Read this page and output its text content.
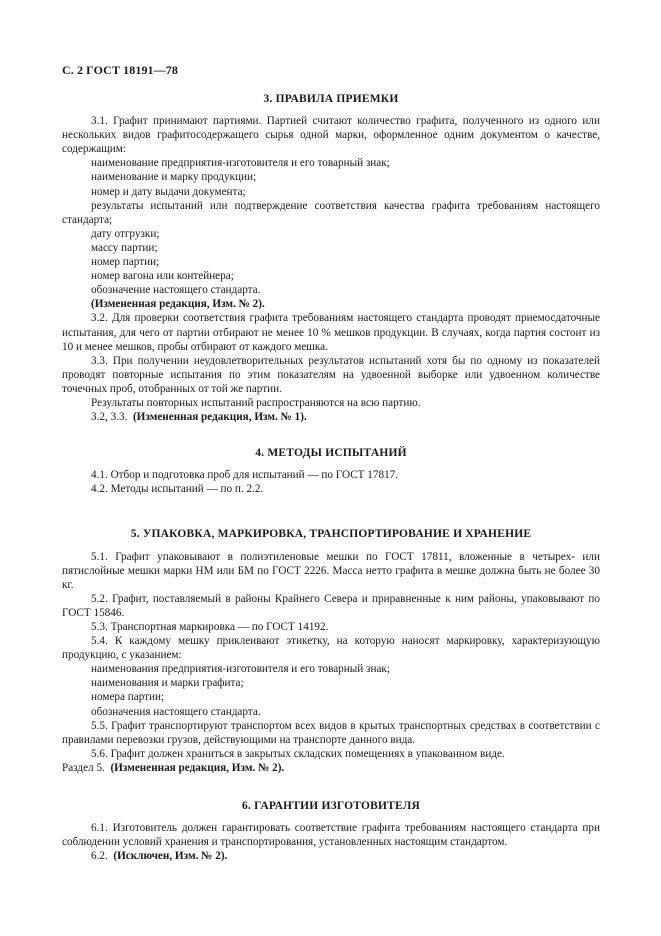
С. 2 ГОСТ 18191—78
3. ПРАВИЛА ПРИЕМКИ

3.1. Графит принимают партиями. Партией считают количество графита, полученного из одного или нескольких видов графитосодержащего сырья одной марки, оформленное одним документом о качестве, содержащим:

наименование предприятия-изготовителя и его товарный знак;

наименование и марку продукции;

номер и дату выдачи документа;

результаты испытаний или подтверждение соответствия качества графита требованиям настоящего стандарта;

дату отгрузки;

массу партии;

номер партии;

номер вагона или контейнера;

обозначение настоящего стандарта.

(Измененная редакция, Изм. № 2).

3.2. Для проверки соответствия графита требованиям настоящего стандарта проводят приемосдаточные испытания, для чего от партии отбирают не менее 10 % мешков продукции. В случаях, когда партия состоит из 10 и менее мешков, пробы отбирают от каждого мешка.

3.3. При получении неудовлетворительных результатов испытаний хотя бы по одному из показателей проводят повторные испытания по этим показателям на удвоенной выборке или удвоенном количестве точечных проб, отобранных от той же партии.

Результаты повторных испытаний распространяются на всю партию.

3.2, 3.3. (Измененная редакция, Изм. № 1).

4. МЕТОДЫ ИСПЫТАНИЙ

4.1. Отбор и подготовка проб для испытаний — по ГОСТ 17817.

4.2. Методы испытаний — по п. 2.2.

5. УПАКОВКА, МАРКИРОВКА, ТРАНСПОРТИРОВАНИЕ И ХРАНЕНИЕ

5.1. Графит упаковывают в полиэтиленовые мешки по ГОСТ 17811, вложенные в четырех- или пятислойные мешки марки НМ или БМ по ГОСТ 2226. Масса нетто графита в мешке должна быть не более 30 кг.

5.2. Графит, поставляемый в районы Крайнего Севера и приравненные к ним районы, упаковывают по ГОСТ 15846.

5.3. Транспортная маркировка — по ГОСТ 14192.

5.4. К каждому мешку приклеивают этикетку, на которую наносят маркировку, характеризующую продукцию, с указанием:

наименования предприятия-изготовителя и его товарный знак;

наименования и марки графита;

номера партии;

обозначения настоящего стандарта.

5.5. Графит транспортируют транспортом всех видов в крытых транспортных средствах в соответствии с правилами перевозки грузов, действующими на транспорте данного вида.

5.6. Графит должен храниться в закрытых складских помещениях в упакованном виде.

Раздел 5. (Измененная редакция, Изм. № 2).

6. ГАРАНТИИ ИЗГОТОВИТЕЛЯ

6.1. Изготовитель должен гарантировать соответствие графита требованиям настоящего стандарта при соблюдении условий хранения и транспортирования, установленных настоящим стандартом.

6.2. (Исключен, Изм. № 2).
